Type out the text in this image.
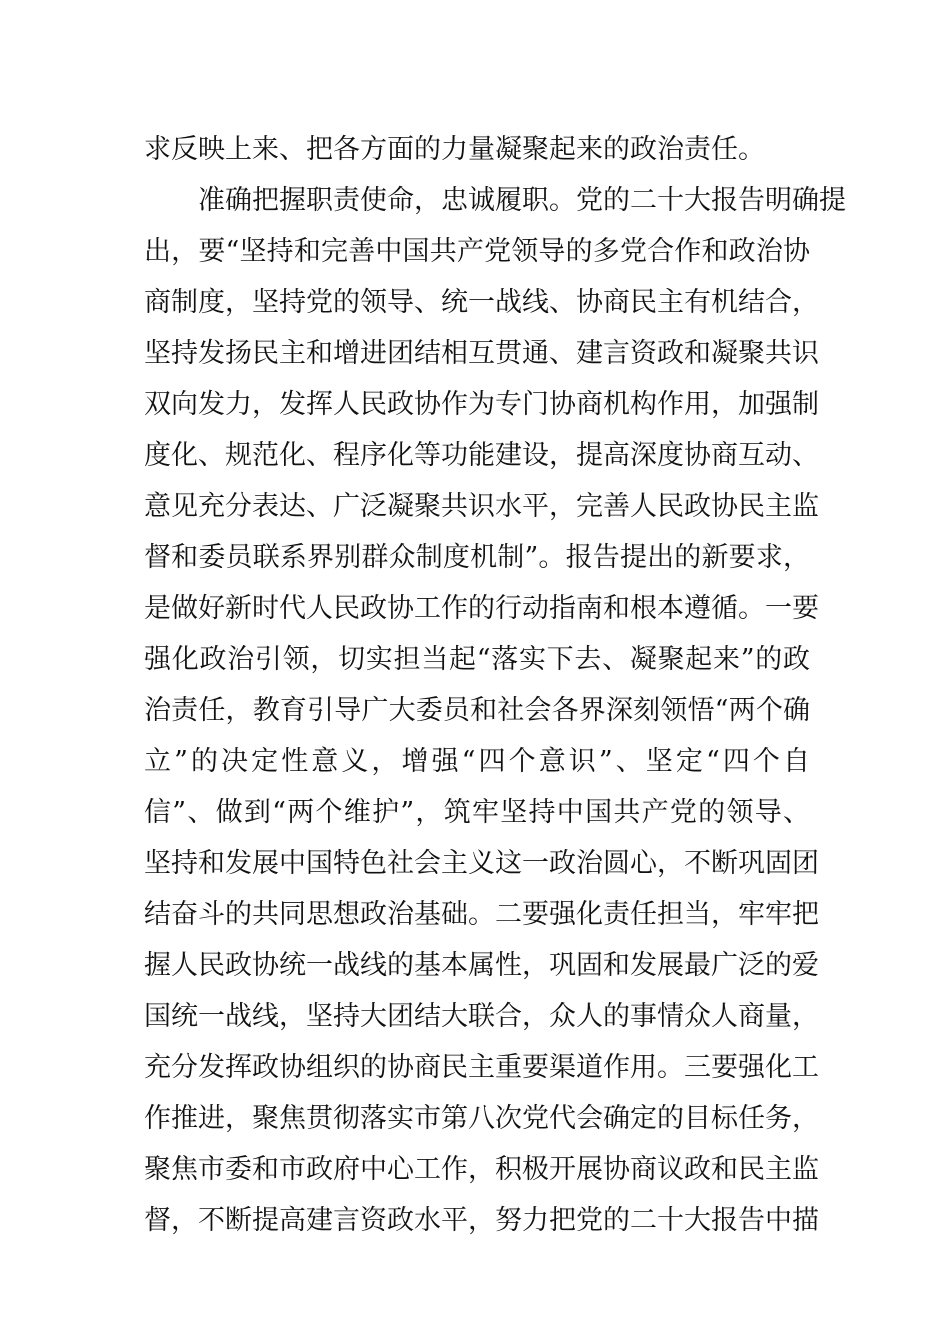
求反映上来、把各方面的力量凝聚起来的政治责任。
准确把握职责使命，忠诚履职。党的二十大报告明确提
出，要“坚持和完善中国共产党领导的多党合作和政治协
商制度，坚持党的领导、统一战线、协商民主有机结合，
坚持发扬民主和增进团结相互贯通、建言资政和凝聚共识
双向发力，发挥人民政协作为专门协商机构作用，加强制
度化、规范化、程序化等功能建设，提高深度协商互动、
意见充分表达、广泛凝聚共识水平，完善人民政协民主监
督和委员联系界别群众制度机制”。报告提出的新要求，
是做好新时代人民政协工作的行动指南和根本遵循。一要
强化政治引领，切实担当起“落实下去、凝聚起来”的政
治责任，教育引导广大委员和社会各界深刻领悟“两个确
立”的决定性意义，增强“四个意识”、坚定“四个自
信”、做到“两个维护”，筑牢坚持中国共产党的领导、
坚持和发展中国特色社会主义这一政治圆心，不断巩固团
结奋斗的共同思想政治基础。二要强化责任担当，牢牢把
握人民政协统一战线的基本属性，巩固和发展最广泛的爱
国统一战线，坚持大团结大联合，众人的事情众人商量，
充分发挥政协组织的协商民主重要渠道作用。三要强化工
作推进，聚焦贯彻落实市第八次党代会确定的目标任务，
聚焦市委和市政府中心工作，积极开展协商议政和民主监
督，不断提高建言资政水平，努力把党的二十大报告中描
